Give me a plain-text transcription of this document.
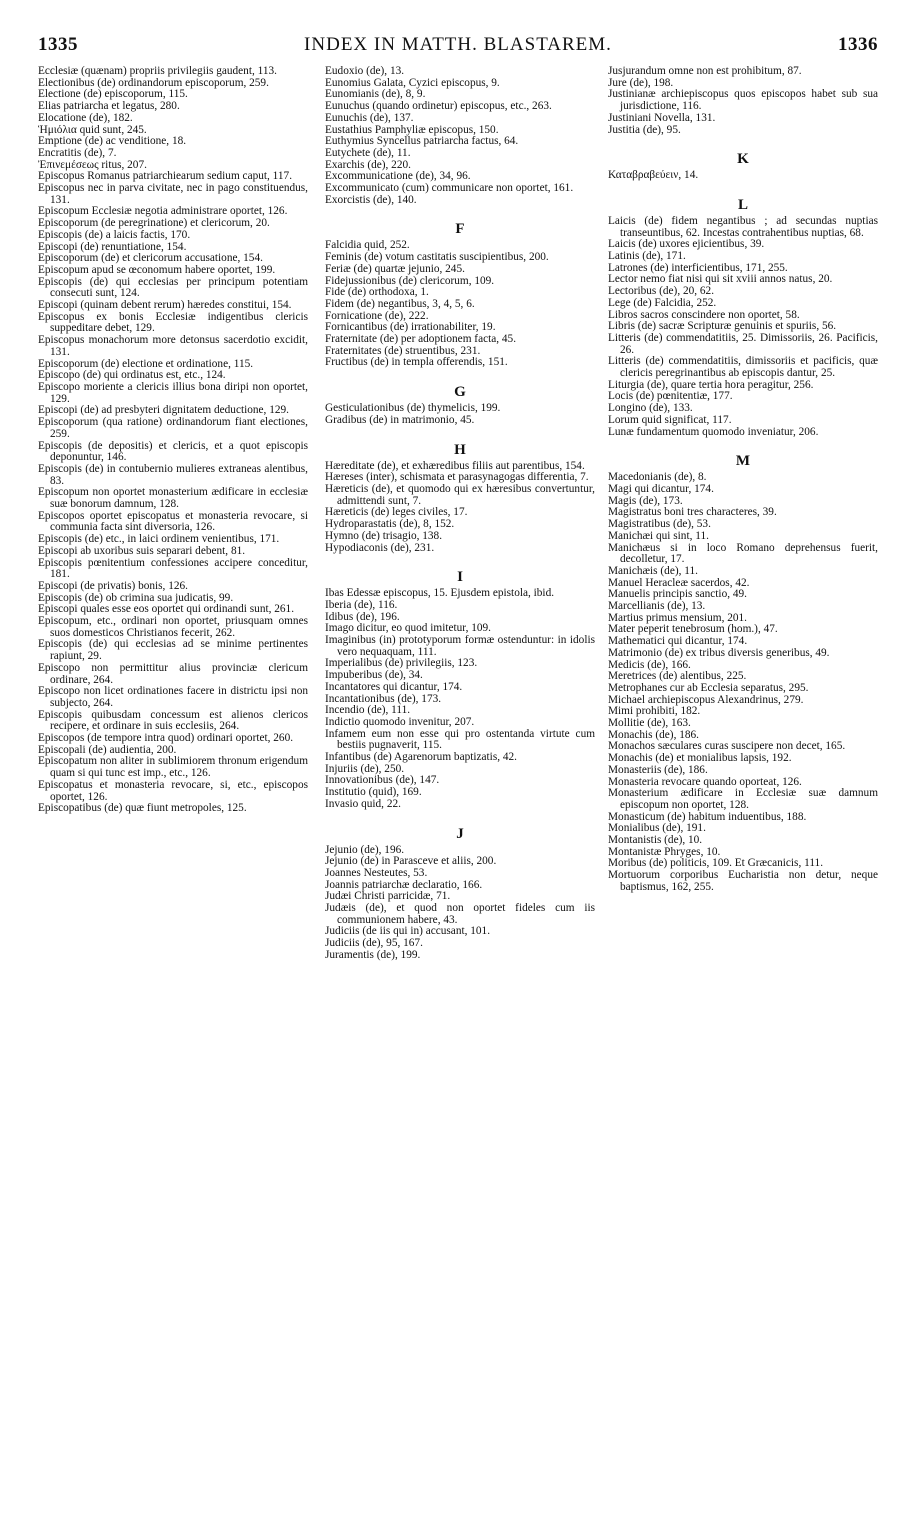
1335	INDEX IN MATTH. BLASTAREM.	1336

Ecclesiæ (quænam) propriis privilegiis gaudent, 113.

Electionibus (de) ordinandorum episcoporum, 259.

Electione (de) episcoporum, 115.

Elias patriarcha et legatus, 280.

Elocatione (de), 182.

Ἡμιόλια quid sunt, 245.

Emptione (de) ac venditione, 18.

Encratitis (de), 7.

Ἐπινεμέσεως ritus, 207.

Episcopus Romanus patriarchiearum sedium caput, 117.

Episcopus nec in parva civitate, nec in pago constituendus, 131.

Episcopum Ecclesiæ negotia administrare oportet, 126.

Episcoporum (de peregrinatione) et clericorum, 20.

Episcopis (de) a laicis factis, 170.

Episcopi (de) renuntiatione, 154.

Episcoporum (de) et clericorum accusatione, 154.

Episcopum apud se œconomum habere oportet, 199.

Episcopis (de) qui ecclesias per principum potentiam consecuti sunt, 124.

Episcopi (quinam debent rerum) hæredes constitui, 154.

Episcopus ex bonis Ecclesiæ indigentibus clericis suppeditare debet, 129.

Episcopus monachorum more detonsus sacerdotio excidit, 131.

Episcoporum (de) electione et ordinatione, 115.

Episcopo (de) qui ordinatus est, etc., 124.

Episcopo moriente a clericis illius bona diripi non oportet, 129.

Episcopi (de) ad presbyteri dignitatem deductione, 129.

Episcoporum (qua ratione) ordinandorum fiant electiones, 259.

Episcopis (de depositis) et clericis, et a quot episcopis deponuntur, 146.

Episcopis (de) in contubernio mulieres extraneas alentibus, 83.

Episcopum non oportet monasterium ædificare in ecclesiæ suæ bonorum damnum, 128.

Episcopos oportet episcopatus et monasteria revocare, si communia facta sint diversoria, 126.

Episcopis (de) etc., in laici ordinem venientibus, 171.

Episcopi ab uxoribus suis separari debent, 81.

Episcopis pœnitentium confessiones accipere conceditur, 181.

Episcopi (de privatis) bonis, 126.

Episcopis (de) ob crimina sua judicatis, 99.

Episcopi quales esse eos oportet qui ordinandi sunt, 261.

Episcopum, etc., ordinari non oportet, priusquam omnes suos domesticos Christianos fecerit, 262.

Episcopis (de) qui ecclesias ad se minime pertinentes rapiunt, 29.

Episcopo non permittitur alius provinciæ clericum ordinare, 264.

Episcopo non licet ordinationes facere in districtu ipsi non subjecto, 264.

Episcopis quibusdam concessum est alienos clericos recipere, et ordinare in suis ecclesiis, 264.

Episcopos (de tempore intra quod) ordinari oportet, 260.

Episcopali (de) audientia, 200.

Episcopatum non aliter in sublimiorem thronum erigendum quam si qui tunc est imp., etc., 126.

Episcopatus et monasteria revocare, si, etc., episcopos oportet, 126.

Episcopatibus (de) quæ fiunt metropoles, 125.

Eudoxio (de), 13.

Eunomius Galata, Cyzici episcopus, 9.

Eunomianis (de), 8, 9.

Eunuchus (quando ordinetur) episcopus, etc., 263.

Eunuchis (de), 137.

Eustathius Pamphyliæ episcopus, 150.

Euthymius Syncellus patriarcha factus, 64.

Eutychete (de), 11.

Exarchis (de), 220.

Excommunicatione (de), 34, 96.

Excommunicato (cum) communicare non oportet, 161.

Exorcistis (de), 140.

F

Falcidia quid, 252.

Feminis (de) votum castitatis suscipientibus, 200.

Feriæ (de) quartæ jejunio, 245.

Fidejussionibus (de) clericorum, 109.

Fide (de) orthodoxa, 1.

Fidem (de) negantibus, 3, 4, 5, 6.

Fornicatione (de), 222.

Fornicantibus (de) irrationabiliter, 19.

Fraternitate (de) per adoptionem facta, 45.

Fraternitates (de) struentibus, 231.

Fructibus (de) in templa offerendis, 151.

G

Gesticulationibus (de) thymelicis, 199.

Gradibus (de) in matrimonio, 45.

H

Hæreditate (de), et exhæredibus filiis aut parentibus, 154.

Hæreses (inter), schismata et parasynagogas differentia, 7.

Hæreticis (de), et quomodo qui ex hæresibus convertuntur, admittendi sunt, 7.

Hæreticis (de) leges civiles, 17.

Hydroparastatis (de), 8, 152.

Hymno (de) trisagio, 138.

Hypodiaconis (de), 231.

I

Ibas Edessæ episcopus, 15. Ejusdem epistola, ibid.

Iberia (de), 116.

Idibus (de), 196.

Imago dicitur, eo quod imitetur, 109.

Imaginibus (in) prototyporum formæ ostenduntur: in idolis vero nequaquam, 111.

Imperialibus (de) privilegiis, 123.

Impuberibus (de), 34.

Incantatores qui dicantur, 174.

Incantationibus (de), 173.

Incendio (de), 111.

Indictio quomodo invenitur, 207.

Infamem eum non esse qui pro ostentanda virtute cum bestiis pugnaverit, 115.

Infantibus (de) Agarenorum baptizatis, 42.

Injuriis (de), 250.

Innovationibus (de), 147.

Institutio (quid), 169.

Invasio quid, 22.

J

Jejunio (de), 196.

Jejunio (de) in Parasceve et aliis, 200.

Joannes Nesteutes, 53.

Joannis patriarchæ declaratio, 166.

Judæi Christi parricidæ, 71.

Judæis (de), et quod non oportet fideles cum iis communionem habere, 43.

Judiciis (de iis qui in) accusant, 101.

Judiciis (de), 95, 167.

Juramentis (de), 199.

Jusjurandum omne non est prohibitum, 87.

Jure (de), 198.

Justinianæ archiepiscopus quos episcopos habet sub sua jurisdictione, 116.

Justiniani Novella, 131.

Justitia (de), 95.

K

Καταβραβεύειν, 14.

L

Laicis (de) fidem negantibus ; ad secundas nuptias transeuntibus, 62. Incestas contrahentibus nuptias, 68.

Laicis (de) uxores ejicientibus, 39.

Latinis (de), 171.

Latrones (de) interficientibus, 171, 255.

Lector nemo fiat nisi qui sit xviii annos natus, 20.

Lectoribus (de), 20, 62.

Lege (de) Falcidia, 252.

Libros sacros conscindere non oportet, 58.

Libris (de) sacræ Scripturæ genuinis et spuriis, 56.

Litteris (de) commendatitiis, 25. Dimissoriis, 26. Pacificis, 26.

Litteris (de) commendatitiis, dimissoriis et pacificis, quæ clericis peregrinantibus ab episcopis dantur, 25.

Liturgia (de), quare tertia hora peragitur, 256.

Locis (de) pœnitentiæ, 177.

Longino (de), 133.

Lorum quid significat, 117.

Lunæ fundamentum quomodo inveniatur, 206.

M

Macedonianis (de), 8.

Magi qui dicantur, 174.

Magis (de), 173.

Magistratus boni tres characteres, 39.

Magistratibus (de), 53.

Manichæi qui sint, 11.

Manichæus si in loco Romano deprehensus fuerit, decolletur, 17.

Manichæis (de), 11.

Manuel Heracleæ sacerdos, 42.

Manuelis principis sanctio, 49.

Marcellianis (de), 13.

Martius primus mensium, 201.

Mater peperit tenebrosum (hom.), 47.

Mathematici qui dicantur, 174.

Matrimonio (de) ex tribus diversis generibus, 49.

Medicis (de), 166.

Meretrices (de) alentibus, 225.

Metrophanes cur ab Ecclesia separatus, 295.

Michael archiepiscopus Alexandrinus, 279.

Mimi prohibiti, 182.

Mollitie (de), 163.

Monachis (de), 186.

Monachos sæculares curas suscipere non decet, 165.

Monachis (de) et monialibus lapsis, 192.

Monasteriis (de), 186.

Monasteria revocare quando oporteat, 126.

Monasterium ædificare in Ecclesiæ suæ damnum episcopum non oportet, 128.

Monasticum (de) habitum induentibus, 188.

Monialibus (de), 191.

Montanistis (de), 10.

Montanistæ Phryges, 10.

Moribus (de) politicis, 109. Et Græcanicis, 111.

Mortuorum corporibus Eucharistia non detur, neque baptismus, 162, 255.
